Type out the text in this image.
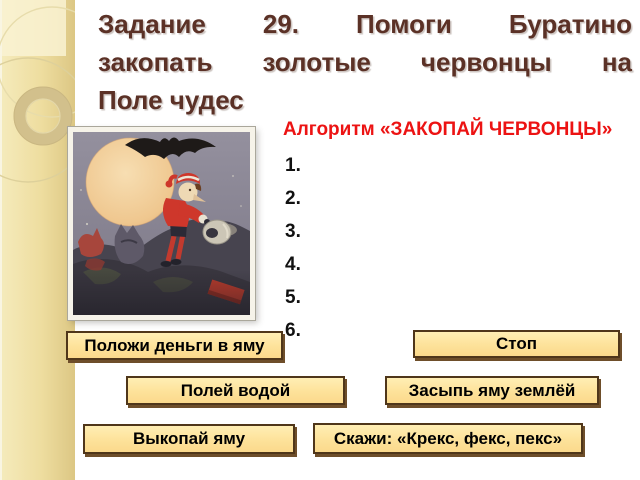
Задание 29. Помоги Буратино
закопать золотые червонцы на
Поле чудес
Алгоритм «ЗАКОПАЙ ЧЕРВОНЦЫ»
1.
2.
3.
4.
5.
6.
Положи деньги в яму	Стоп
Полей водой	Засыпь яму землёй
Выкопай яму	Скажи: «Крекс, фекс, пекс»
